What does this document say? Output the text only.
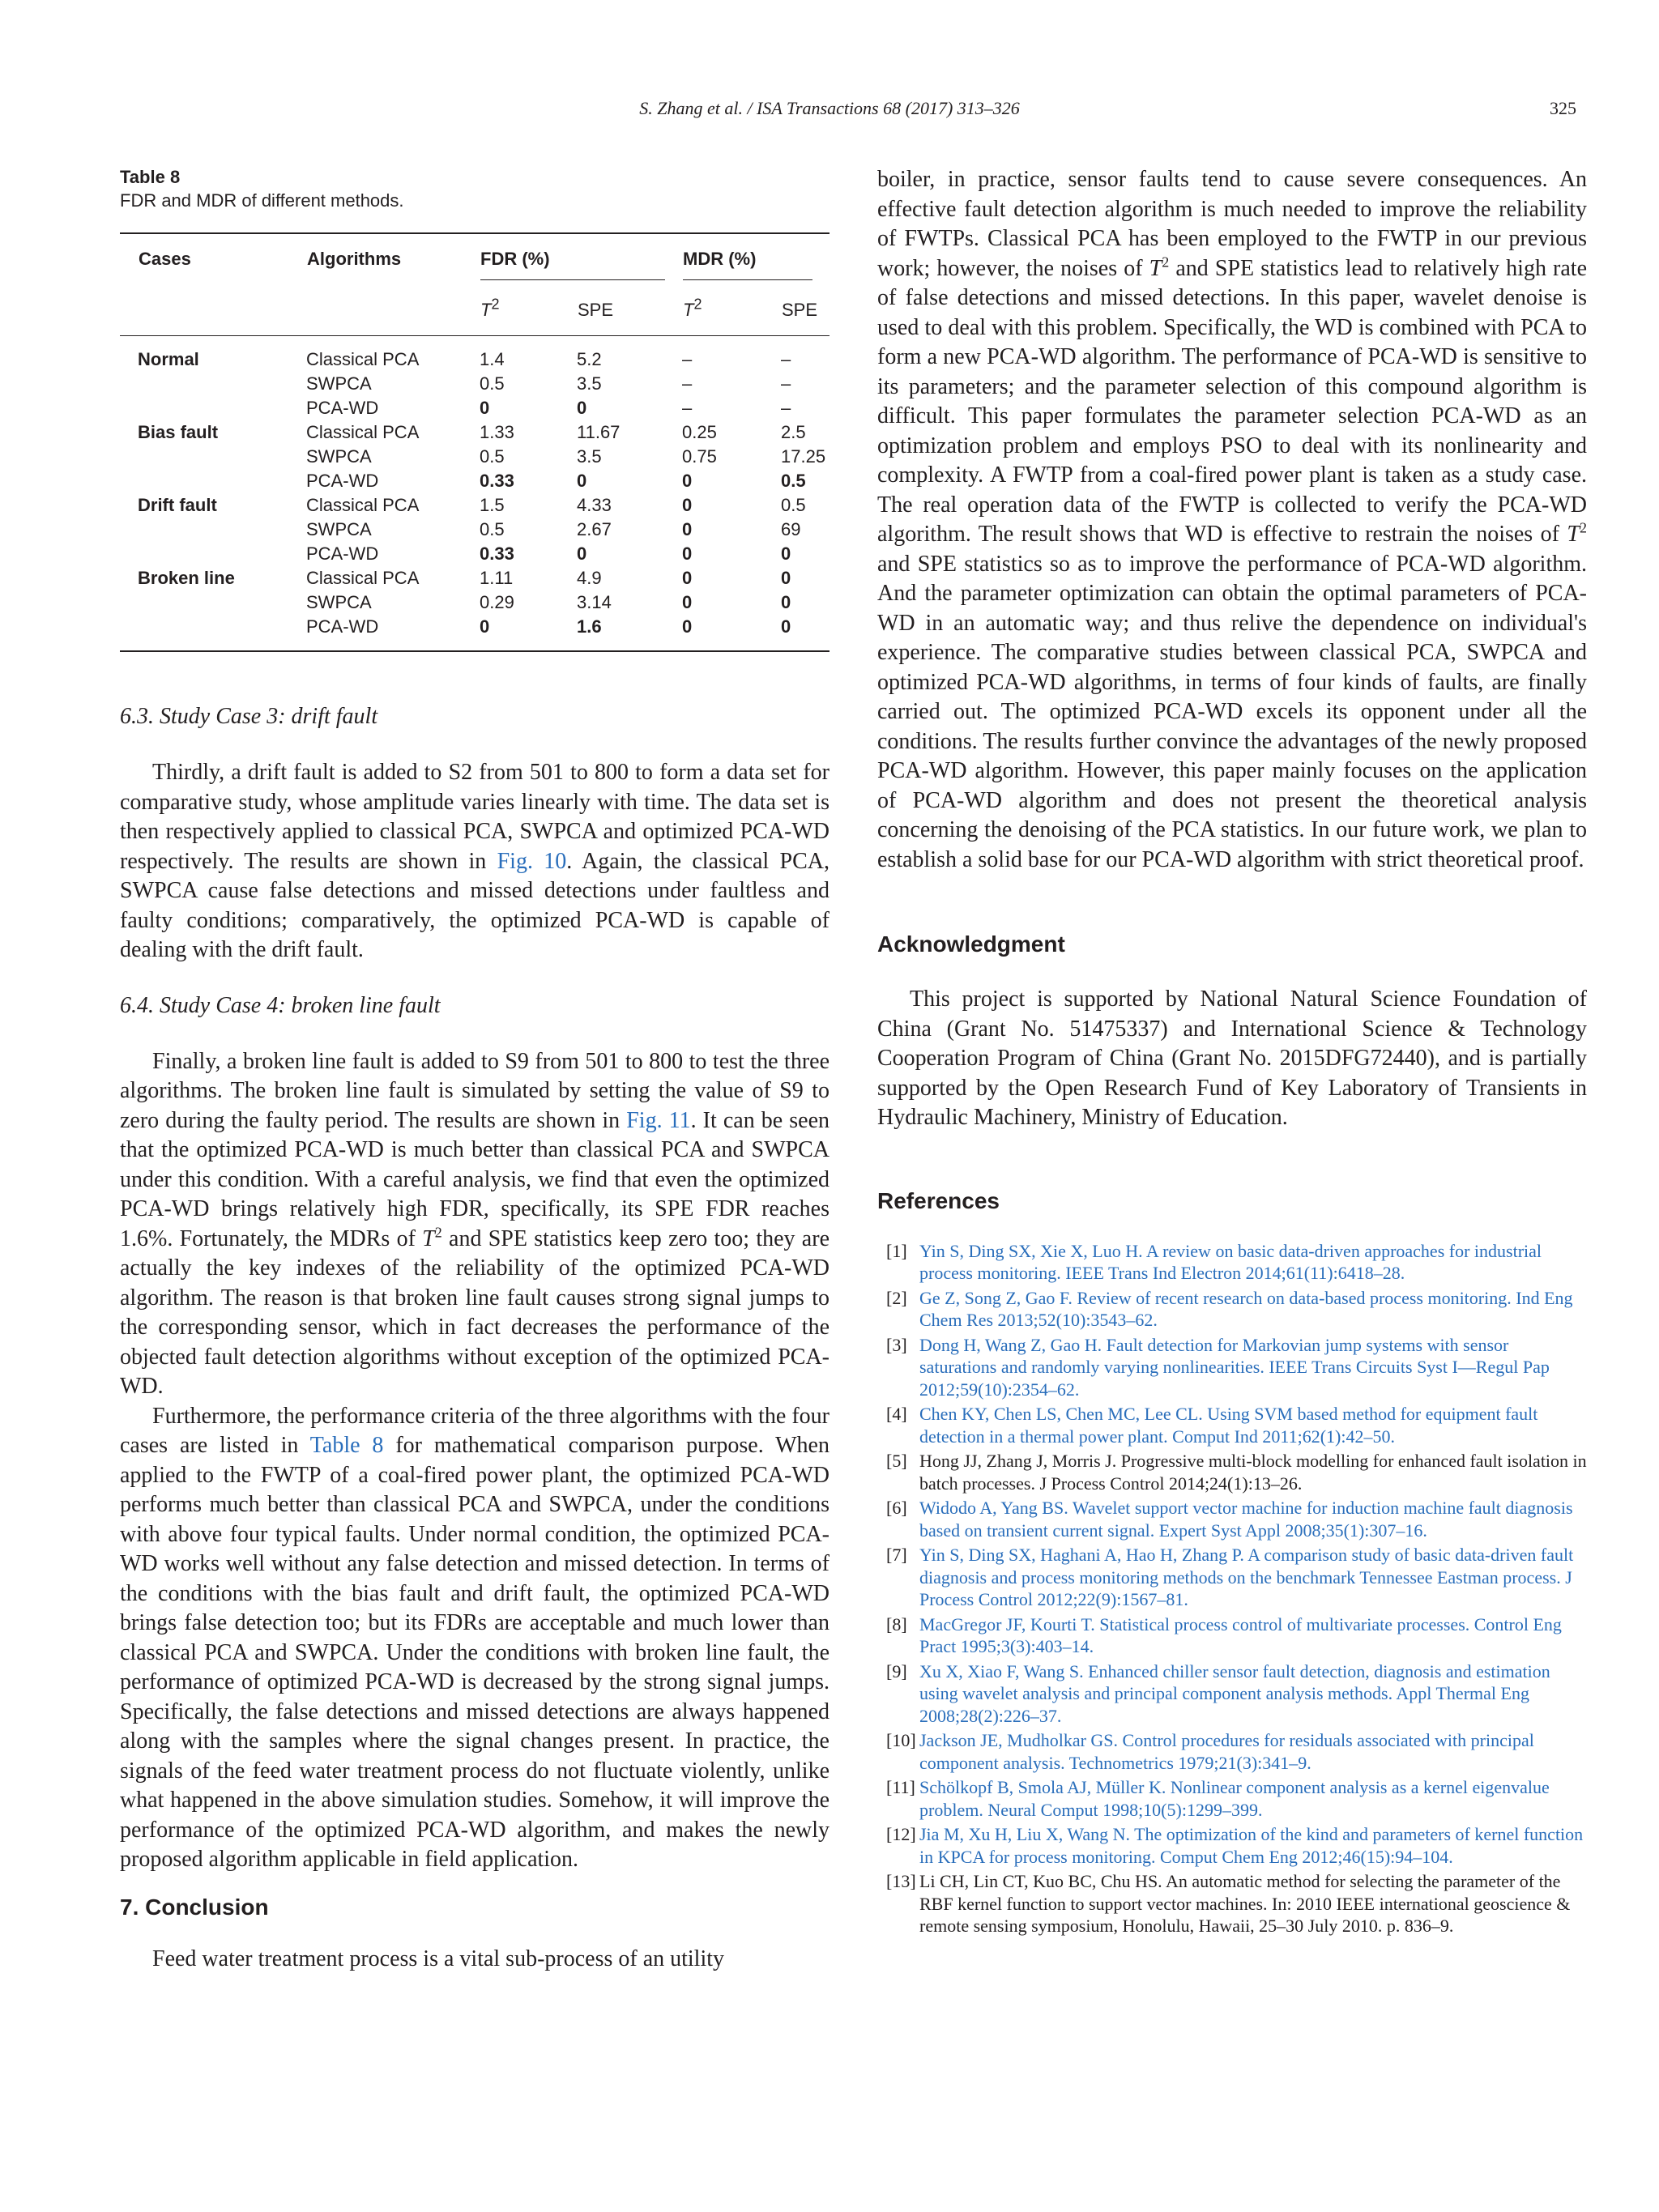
S. Zhang et al. / ISA Transactions 68 (2017) 313–326	325
Table 8
FDR and MDR of different methods.
	Cases	Algorithms	FDR (%)		MDR (%)	

			$T^2$	SPE	$T^2$	SPE
	Normal	Classical PCA	1.4	5.2	–	–
		SWPCA	0.5	3.5	–	–
		PCA-WD	0	0	–	–
	Bias fault	Classical PCA	1.33	11.67	0.25	2.5
		SWPCA	0.5	3.5	0.75	17.25
		PCA-WD	0.33	0	0	0.5
	Drift fault	Classical PCA	1.5	4.33	0	0.5
		SWPCA	0.5	2.67	0	69
		PCA-WD	0.33	0	0	0
	Broken line	Classical PCA	1.11	4.9	0	0
		SWPCA	0.29	3.14	0	0
		PCA-WD	0	1.6	0	0
6.3. Study Case 3: drift fault

Thirdly, a drift fault is added to S2 from 501 to 800 to form a data set for comparative study, whose amplitude varies linearly with time. The data set is then respectively applied to classical PCA, SWPCA and optimized PCA-WD respectively. The results are shown in Fig. 10. Again, the classical PCA, SWPCA cause false detections and missed detections under faultless and faulty conditions; comparatively, the optimized PCA-WD is capable of dealing with the drift fault.

6.4. Study Case 4: broken line fault

Finally, a broken line fault is added to S9 from 501 to 800 to test the three algorithms. The broken line fault is simulated by setting the value of S9 to zero during the faulty period. The results are shown in Fig. 11. It can be seen that the optimized PCA-WD is much better than classical PCA and SWPCA under this condition. With a careful analysis, we find that even the optimized PCA-WD brings relatively high FDR, specifically, its SPE FDR reaches 1.6%. Fortunately, the MDRs of $T^2$ and SPE statistics keep zero too; they are actually the key indexes of the reliability of the optimized PCA-WD algorithm. The reason is that broken line fault causes strong signal jumps to the corresponding sensor, which in fact decreases the performance of the objected fault detection algorithms without exception of the optimized PCA-WD.

Furthermore, the performance criteria of the three algorithms with the four cases are listed in Table 8 for mathematical comparison purpose. When applied to the FWTP of a coal-fired power plant, the optimized PCA-WD performs much better than classical PCA and SWPCA, under the conditions with above four typical faults. Under normal condition, the optimized PCA-WD works well without any false detection and missed detection. In terms of the conditions with the bias fault and drift fault, the optimized PCA-WD brings false detection too; but its FDRs are acceptable and much lower than classical PCA and SWPCA. Under the conditions with broken line fault, the performance of optimized PCA-WD is decreased by the strong signal jumps. Specifically, the false detections and missed detections are always happened along with the samples where the signal changes present. In practice, the signals of the feed water treatment process do not fluctuate violently, unlike what happened in the above simulation studies. Somehow, it will improve the performance of the optimized PCA-WD algorithm, and makes the newly proposed algorithm applicable in field application.

7. Conclusion

Feed water treatment process is a vital sub-process of an utility

boiler, in practice, sensor faults tend to cause severe consequences. An effective fault detection algorithm is much needed to improve the reliability of FWTPs. Classical PCA has been employed to the FWTP in our previous work; however, the noises of $T^2$ and SPE statistics lead to relatively high rate of false detections and missed detections. In this paper, wavelet denoise is used to deal with this problem. Specifically, the WD is combined with PCA to form a new PCA-WD algorithm. The performance of PCA-WD is sensitive to its parameters; and the parameter selection of this compound algorithm is difficult. This paper formulates the parameter selection PCA-WD as an optimization problem and employs PSO to deal with its nonlinearity and complexity. A FWTP from a coal-fired power plant is taken as a study case. The real operation data of the FWTP is collected to verify the PCA-WD algorithm. The result shows that WD is effective to restrain the noises of $T^2$ and SPE statistics so as to improve the performance of PCA-WD algorithm. And the parameter optimization can obtain the optimal parameters of PCA-WD in an automatic way; and thus relive the dependence on individual's experience. The comparative studies between classical PCA, SWPCA and optimized PCA-WD algorithms, in terms of four kinds of faults, are finally carried out. The optimized PCA-WD excels its opponent under all the conditions. The results further convince the advantages of the newly proposed PCA-WD algorithm. However, this paper mainly focuses on the application of PCA-WD algorithm and does not present the theoretical analysis concerning the denoising of the PCA statistics. In our future work, we plan to establish a solid base for our PCA-WD algorithm with strict theoretical proof.

Acknowledgment

This project is supported by National Natural Science Foundation of China (Grant No. 51475337) and International Science & Technology Cooperation Program of China (Grant No. 2015DFG72440), and is partially supported by the Open Research Fund of Key Laboratory of Transients in Hydraulic Machinery, Ministry of Education.

References
[1] Yin S, Ding SX, Xie X, Luo H. A review on basic data-driven approaches for industrial process monitoring. IEEE Trans Ind Electron 2014;61(11):6418–28.
[2] Ge Z, Song Z, Gao F. Review of recent research on data-based process monitoring. Ind Eng Chem Res 2013;52(10):3543–62.
[3] Dong H, Wang Z, Gao H. Fault detection for Markovian jump systems with sensor saturations and randomly varying nonlinearities. IEEE Trans Circuits Syst I—Regul Pap 2012;59(10):2354–62.
[4] Chen KY, Chen LS, Chen MC, Lee CL. Using SVM based method for equipment fault detection in a thermal power plant. Comput Ind 2011;62(1):42–50.
[5] Hong JJ, Zhang J, Morris J. Progressive multi-block modelling for enhanced fault isolation in batch processes. J Process Control 2014;24(1):13–26.
[6] Widodo A, Yang BS. Wavelet support vector machine for induction machine fault diagnosis based on transient current signal. Expert Syst Appl 2008;35(1):307–16.
[7] Yin S, Ding SX, Haghani A, Hao H, Zhang P. A comparison study of basic data-driven fault diagnosis and process monitoring methods on the benchmark Tennessee Eastman process. J Process Control 2012;22(9):1567–81.
[8] MacGregor JF, Kourti T. Statistical process control of multivariate processes. Control Eng Pract 1995;3(3):403–14.
[9] Xu X, Xiao F, Wang S. Enhanced chiller sensor fault detection, diagnosis and estimation using wavelet analysis and principal component analysis methods. Appl Thermal Eng 2008;28(2):226–37.
[10] Jackson JE, Mudholkar GS. Control procedures for residuals associated with principal component analysis. Technometrics 1979;21(3):341–9.
[11] Schölkopf B, Smola AJ, Müller K. Nonlinear component analysis as a kernel eigenvalue problem. Neural Comput 1998;10(5):1299–399.
[12] Jia M, Xu H, Liu X, Wang N. The optimization of the kind and parameters of kernel function in KPCA for process monitoring. Comput Chem Eng 2012;46(15):94–104.
[13] Li CH, Lin CT, Kuo BC, Chu HS. An automatic method for selecting the parameter of the RBF kernel function to support vector machines. In: 2010 IEEE international geoscience & remote sensing symposium, Honolulu, Hawaii, 25–30 July 2010. p. 836–9.
